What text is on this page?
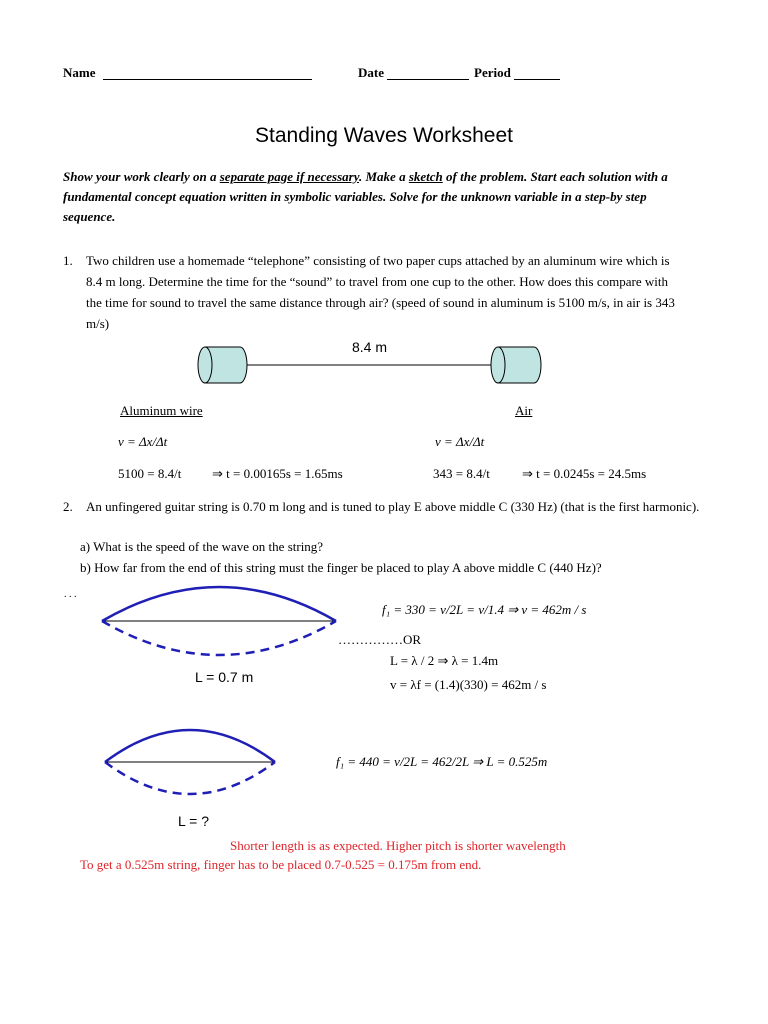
Name	Date	Period
Standing Waves Worksheet
Show your work clearly on a separate page if necessary. Make a sketch of the problem. Start each solution with a fundamental concept equation written in symbolic variables. Solve for the unknown variable in a step-by step sequence.
1. Two children use a homemade “telephone” consisting of two paper cups attached by an aluminum wire which is 8.4 m long. Determine the time for the “sound” to travel from one cup to the other. How does this compare with the time for sound to travel the same distance through air? (speed of sound in aluminum is 5100 m/s, in air is 343 m/s)
8.4 m
Aluminum wire	Air
v = Δx/Δt
5100 = 8.4/t ⇒ t = 0.00165s = 1.65ms
v = Δx/Δt
343 = 8.4/t ⇒ t = 0.0245s = 24.5ms
2. An unfingered guitar string is 0.70 m long and is tuned to play E above middle C (330 Hz) (that is the first harmonic).
a) What is the speed of the wave on the string?
b) How far from the end of this string must the finger be placed to play A above middle C (440 Hz)?
. . .
f₁ = 330 = v/2L = v/1.4 ⇒ v = 462m / s
……………OR
L = λ / 2 ⇒ λ = 1.4m
v = λf = (1.4)(330) = 462m / s
L = 0.7 m
f₁ = 440 = v/2L = 462/2L ⇒ L = 0.525m
L = ?
Shorter length is as expected. Higher pitch is shorter wavelength
To get a 0.525m string, finger has to be placed 0.7-0.525 = 0.175m from end.
